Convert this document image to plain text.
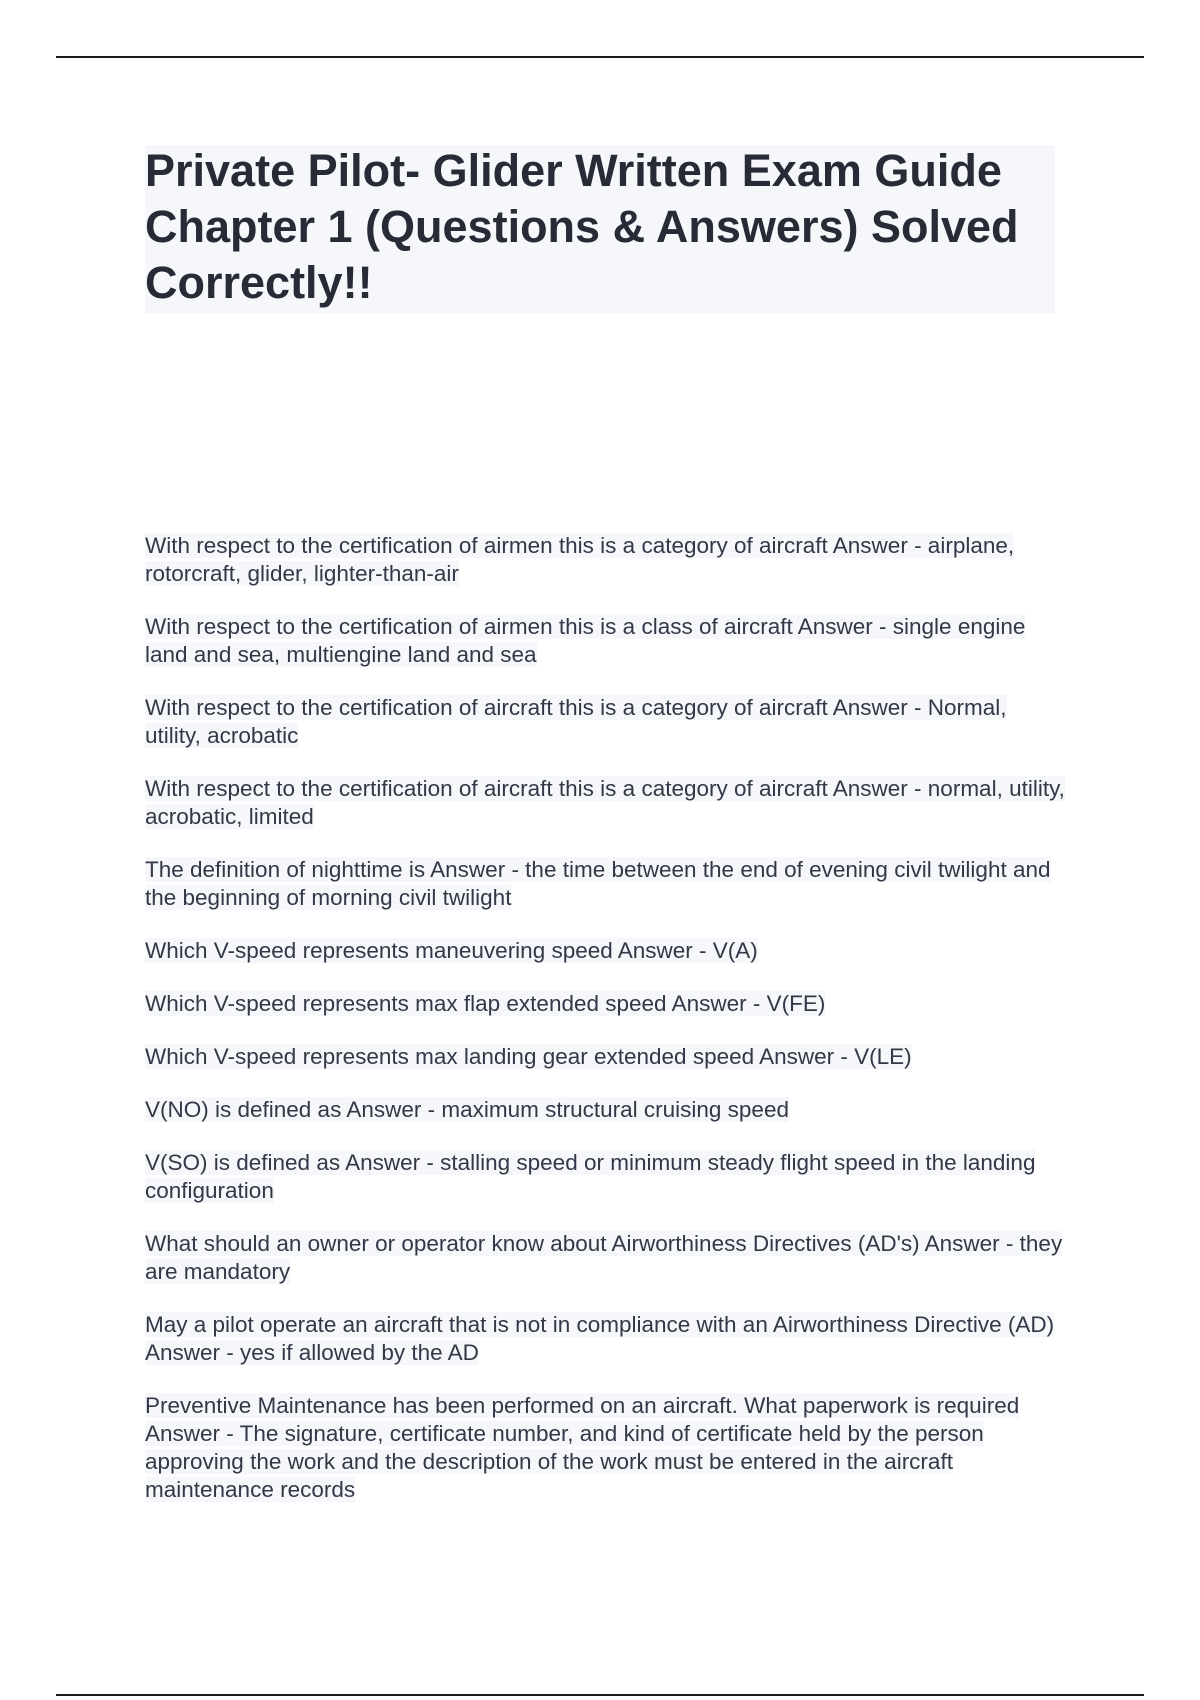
Private Pilot- Glider Written Exam Guide Chapter 1 (Questions & Answers) Solved Correctly!!
With respect to the certification of airmen this is a category of aircraft Answer - airplane, rotorcraft, glider, lighter-than-air
With respect to the certification of airmen this is a class of aircraft Answer - single engine land and sea, multiengine land and sea
With respect to the certification of aircraft this is a category of aircraft Answer - Normal, utility, acrobatic
With respect to the certification of aircraft this is a category of aircraft Answer - normal, utility, acrobatic, limited
The definition of nighttime is Answer - the time between the end of evening civil twilight and the beginning of morning civil twilight
Which V-speed represents maneuvering speed Answer - V(A)
Which V-speed represents max flap extended speed Answer - V(FE)
Which V-speed represents max landing gear extended speed Answer - V(LE)
V(NO) is defined as Answer - maximum structural cruising speed
V(SO) is defined as Answer - stalling speed or minimum steady flight speed in the landing configuration
What should an owner or operator know about Airworthiness Directives (AD's) Answer - they are mandatory
May a pilot operate an aircraft that is not in compliance with an Airworthiness Directive (AD) Answer - yes if allowed by the AD
Preventive Maintenance has been performed on an aircraft. What paperwork is required Answer - The signature, certificate number, and kind of certificate held by the person approving the work and the description of the work must be entered in the aircraft maintenance records
